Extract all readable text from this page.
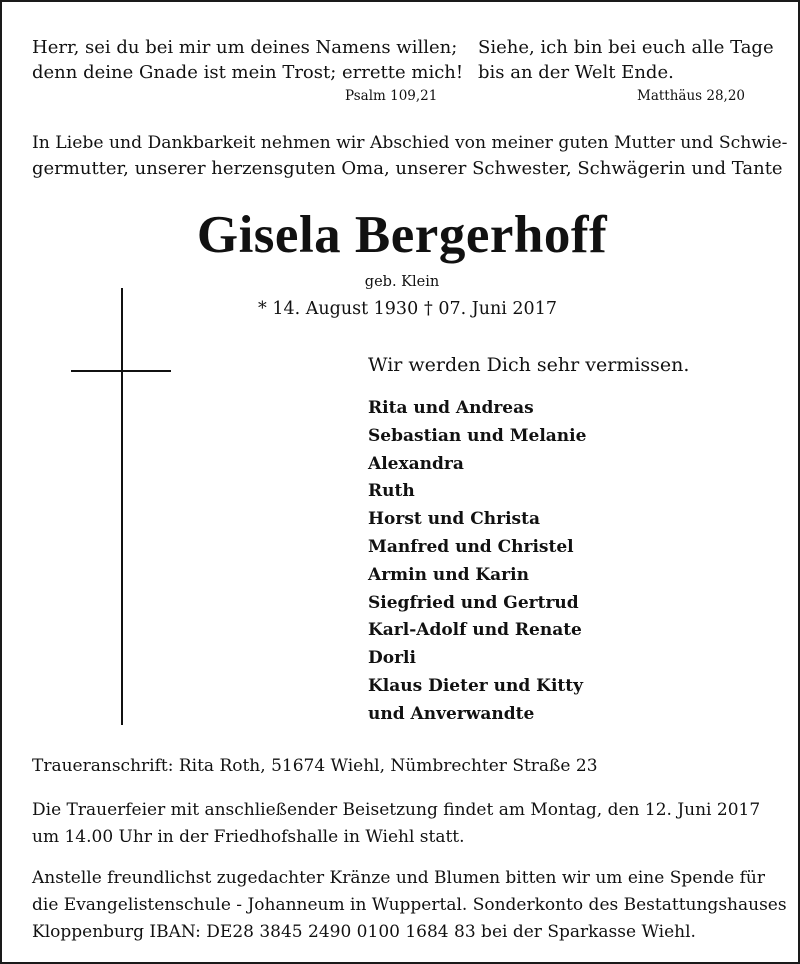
Herr, sei du bei mir um deines Namens willen;
denn deine Gnade ist mein Trost; errette mich!
Psalm 109,21
Siehe, ich bin bei euch alle Tage
bis an der Welt Ende.
Matthäus 28,20
In Liebe und Dankbarkeit nehmen wir Abschied von meiner guten Mutter und Schwie-
germutter, unserer herzensguten Oma, unserer Schwester, Schwägerin und Tante
Gisela Bergerhoff
geb. Klein
* 14. August 1930 † 07. Juni 2017
Wir werden Dich sehr vermissen.
Rita und Andreas
Sebastian und Melanie
Alexandra
Ruth
Horst und Christa
Manfred und Christel
Armin und Karin
Siegfried und Gertrud
Karl-Adolf und Renate
Dorli
Klaus Dieter und Kitty
und Anverwandte
Traueranschrift: Rita Roth, 51674 Wiehl, Nümbrechter Straße 23
Die Trauerfeier mit anschließender Beisetzung findet am Montag, den 12. Juni 2017
um 14.00 Uhr in der Friedhofshalle in Wiehl statt.
Anstelle freundlichst zugedachter Kränze und Blumen bitten wir um eine Spende für
die Evangelistenschule - Johanneum in Wuppertal. Sonderkonto des Bestattungshauses
Kloppenburg IBAN: DE28 3845 2490 0100 1684 83 bei der Sparkasse Wiehl.
